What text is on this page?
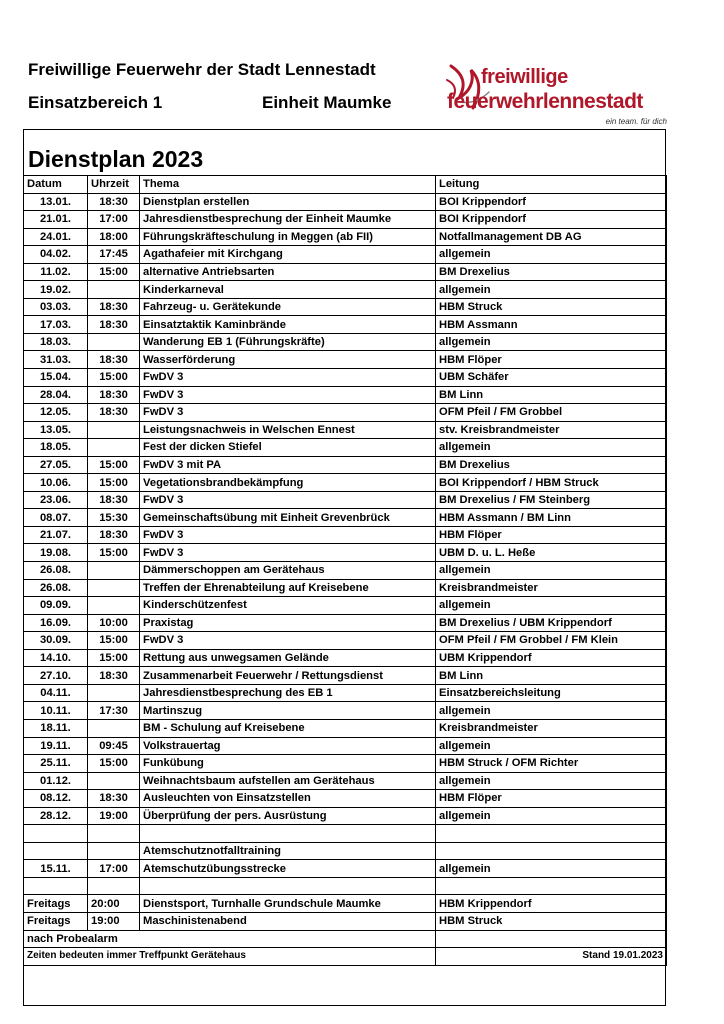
Freiwillige Feuerwehr der Stadt Lennestadt
Einsatzbereich 1	Einheit Maumke
freiwillige
feuerwehrlennestadt
ein team. für dich
Dienstplan 2023
Datum	Uhrzeit	Thema	Leitung
13.01.	18:30	Dienstplan erstellen	BOI Krippendorf
21.01.	17:00	Jahresdienstbesprechung der Einheit Maumke	BOI Krippendorf
24.01.	18:00	Führungskräfteschulung in Meggen (ab FII)	Notfallmanagement DB AG
04.02.	17:45	Agathafeier mit Kirchgang	allgemein
11.02.	15:00	alternative Antriebsarten	BM Drexelius
19.02.		Kinderkarneval	allgemein
03.03.	18:30	Fahrzeug- u. Gerätekunde	HBM Struck
17.03.	18:30	Einsatztaktik Kaminbrände	HBM Assmann
18.03.		Wanderung EB 1 (Führungskräfte)	allgemein
31.03.	18:30	Wasserförderung	HBM Flöper
15.04.	15:00	FwDV 3	UBM Schäfer
28.04.	18:30	FwDV 3	BM Linn
12.05.	18:30	FwDV 3	OFM Pfeil / FM Grobbel
13.05.		Leistungsnachweis in Welschen Ennest	stv. Kreisbrandmeister
18.05.		Fest der dicken Stiefel	allgemein
27.05.	15:00	FwDV 3 mit PA	BM Drexelius
10.06.	15:00	Vegetationsbrandbekämpfung	BOI Krippendorf / HBM Struck
23.06.	18:30	FwDV 3	BM Drexelius / FM Steinberg
08.07.	15:30	Gemeinschaftsübung mit Einheit Grevenbrück	HBM Assmann / BM Linn
21.07.	18:30	FwDV 3	HBM Flöper
19.08.	15:00	FwDV 3	UBM D. u. L. Heße
26.08.		Dämmerschoppen am Gerätehaus	allgemein
26.08.		Treffen der Ehrenabteilung auf Kreisebene	Kreisbrandmeister
09.09.		Kinderschützenfest	allgemein
16.09.	10:00	Praxistag	BM Drexelius / UBM Krippendorf
30.09.	15:00	FwDV 3	OFM Pfeil / FM Grobbel / FM Klein
14.10.	15:00	Rettung aus unwegsamen Gelände	UBM Krippendorf
27.10.	18:30	Zusammenarbeit Feuerwehr / Rettungsdienst	BM Linn
04.11.		Jahresdienstbesprechung des EB 1	Einsatzbereichsleitung
10.11.	17:30	Martinszug	allgemein
18.11.		BM - Schulung auf Kreisebene	Kreisbrandmeister
19.11.	09:45	Volkstrauertag	allgemein
25.11.	15:00	Funkübung	HBM Struck / OFM Richter
01.12.		Weihnachtsbaum aufstellen am Gerätehaus	allgemein
08.12.	18:30	Ausleuchten von Einsatzstellen	HBM Flöper
28.12.	19:00	Überprüfung der pers. Ausrüstung	allgemein

		Atemschutznotfalltraining	
15.11.	17:00	Atemschutzübungsstrecke	allgemein

Freitags	20:00	Dienstsport, Turnhalle Grundschule Maumke	HBM Krippendorf
Freitags	19:00	Maschinistenabend	HBM Struck
nach Probealarm			
Zeiten bedeuten immer Treffpunkt Gerätehaus			Stand 19.01.2023
